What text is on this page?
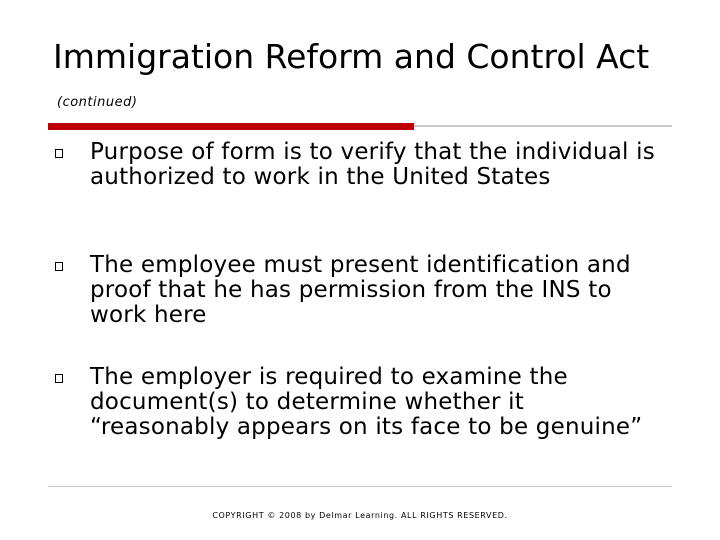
Immigration Reform and Control Act (continued)
Purpose of form is to verify that the individual is authorized to work in the United States
The employee must present identification and proof that he has permission from the INS to work here
The employer is required to examine the document(s) to determine whether it “reasonably appears on its face to be genuine”
COPYRIGHT © 2008 by Delmar Learning. ALL RIGHTS RESERVED.
